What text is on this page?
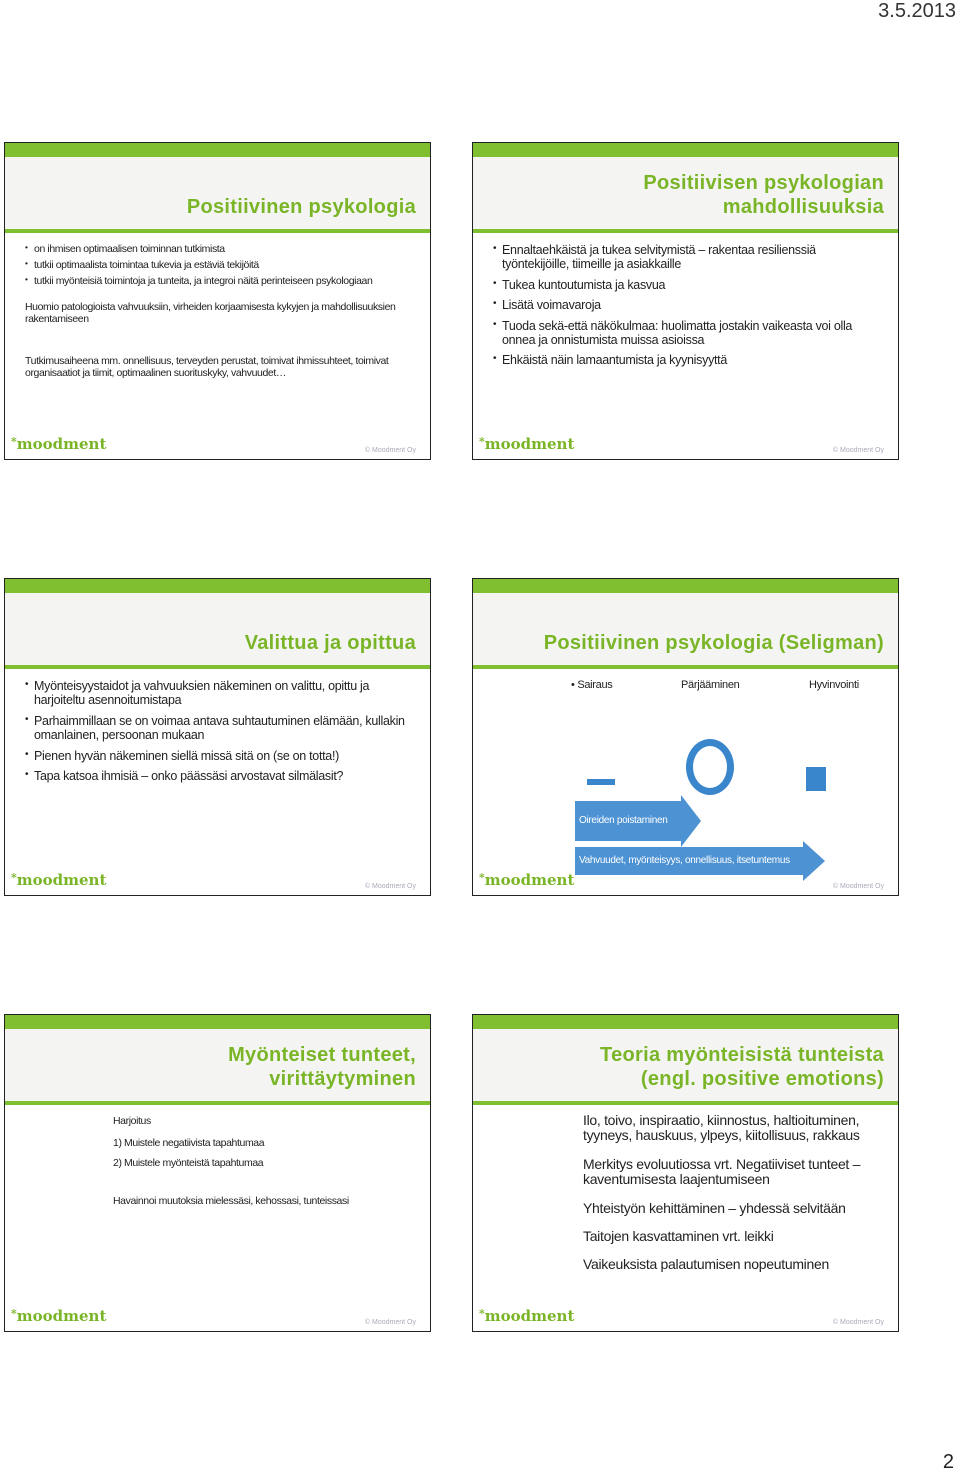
3.5.2013
Positiivinen psykologia
• on ihmisen optimaalisen toiminnan tutkimista
• tutkii optimaalista toimintaa tukevia ja estäviä tekijöitä
• tutkii myönteisiä toimintoja ja tunteita, ja integroi näitä perinteiseen psykologiaan

Huomio patologioista vahvuuksiin, virheiden korjaamisesta kykyjen ja mahdollisuuksien rakentamiseen

Tutkimusaiheena mm. onnellisuus, terveyden perustat, toimivat ihmissuhteet, toimivat organisaatiot ja tiimit, optimaalinen suorituskyky, vahvuudet…

*moodment	© Moodment Oy
Positiivisen psykologian
mahdollisuuksia
• Ennaltaehkäistä ja tukea selvitymistä – rakentaa resilienssiä työntekijöille, tiimeille ja asiakkaille
• Tukea kuntoutumista ja kasvua
• Lisätä voimavaroja
• Tuoda sekä-että näkökulmaa: huolimatta jostakin vaikeasta voi olla onnea ja onnistumista muissa asioissa
• Ehkäistä näin lamaantumista ja kyynisyyttä
*moodment	© Moodment Oy
Valittua ja opittua
• Myönteisyystaidot ja vahvuuksien näkeminen on valittu, opittu ja harjoiteltu asennoitumistapa
• Parhaimmillaan se on voimaa antava suhtautuminen elämään, kullakin omanlainen, persoonan mukaan
• Pienen hyvän näkeminen siellä missä sitä on (se on totta!)
• Tapa katsoa ihmisiä – onko päässäsi arvostavat silmälasit?
*moodment	© Moodment Oy
Positiivinen psykologia (Seligman)
• Sairaus	Pärjääminen	Hyvinvointi
Oireiden poistaminen
Vahvuudet, myönteisyys, onnellisuus, itsetuntemus
*moodment	© Moodment Oy
Myönteiset tunteet,
virittäytyminen

Harjoitus

1) Muistele negatiivista tapahtumaa

2) Muistele myönteistä tapahtumaa

Havainnoi muutoksia mielessäsi, kehossasi, tunteissasi

*moodment	© Moodment Oy
Teoria myönteisistä tunteista
(engl. positive emotions)

Ilo, toivo, inspiraatio, kiinnostus, haltioituminen, tyyneys, hauskuus, ylpeys, kiitollisuus, rakkaus

Merkitys evoluutiossa vrt. Negatiiviset tunteet – kaventumisesta laajentumiseen

Yhteistyön kehittäminen – yhdessä selvitään

Taitojen kasvattaminen vrt. leikki

Vaikeuksista palautumisen nopeutuminen

*moodment	© Moodment Oy
2
